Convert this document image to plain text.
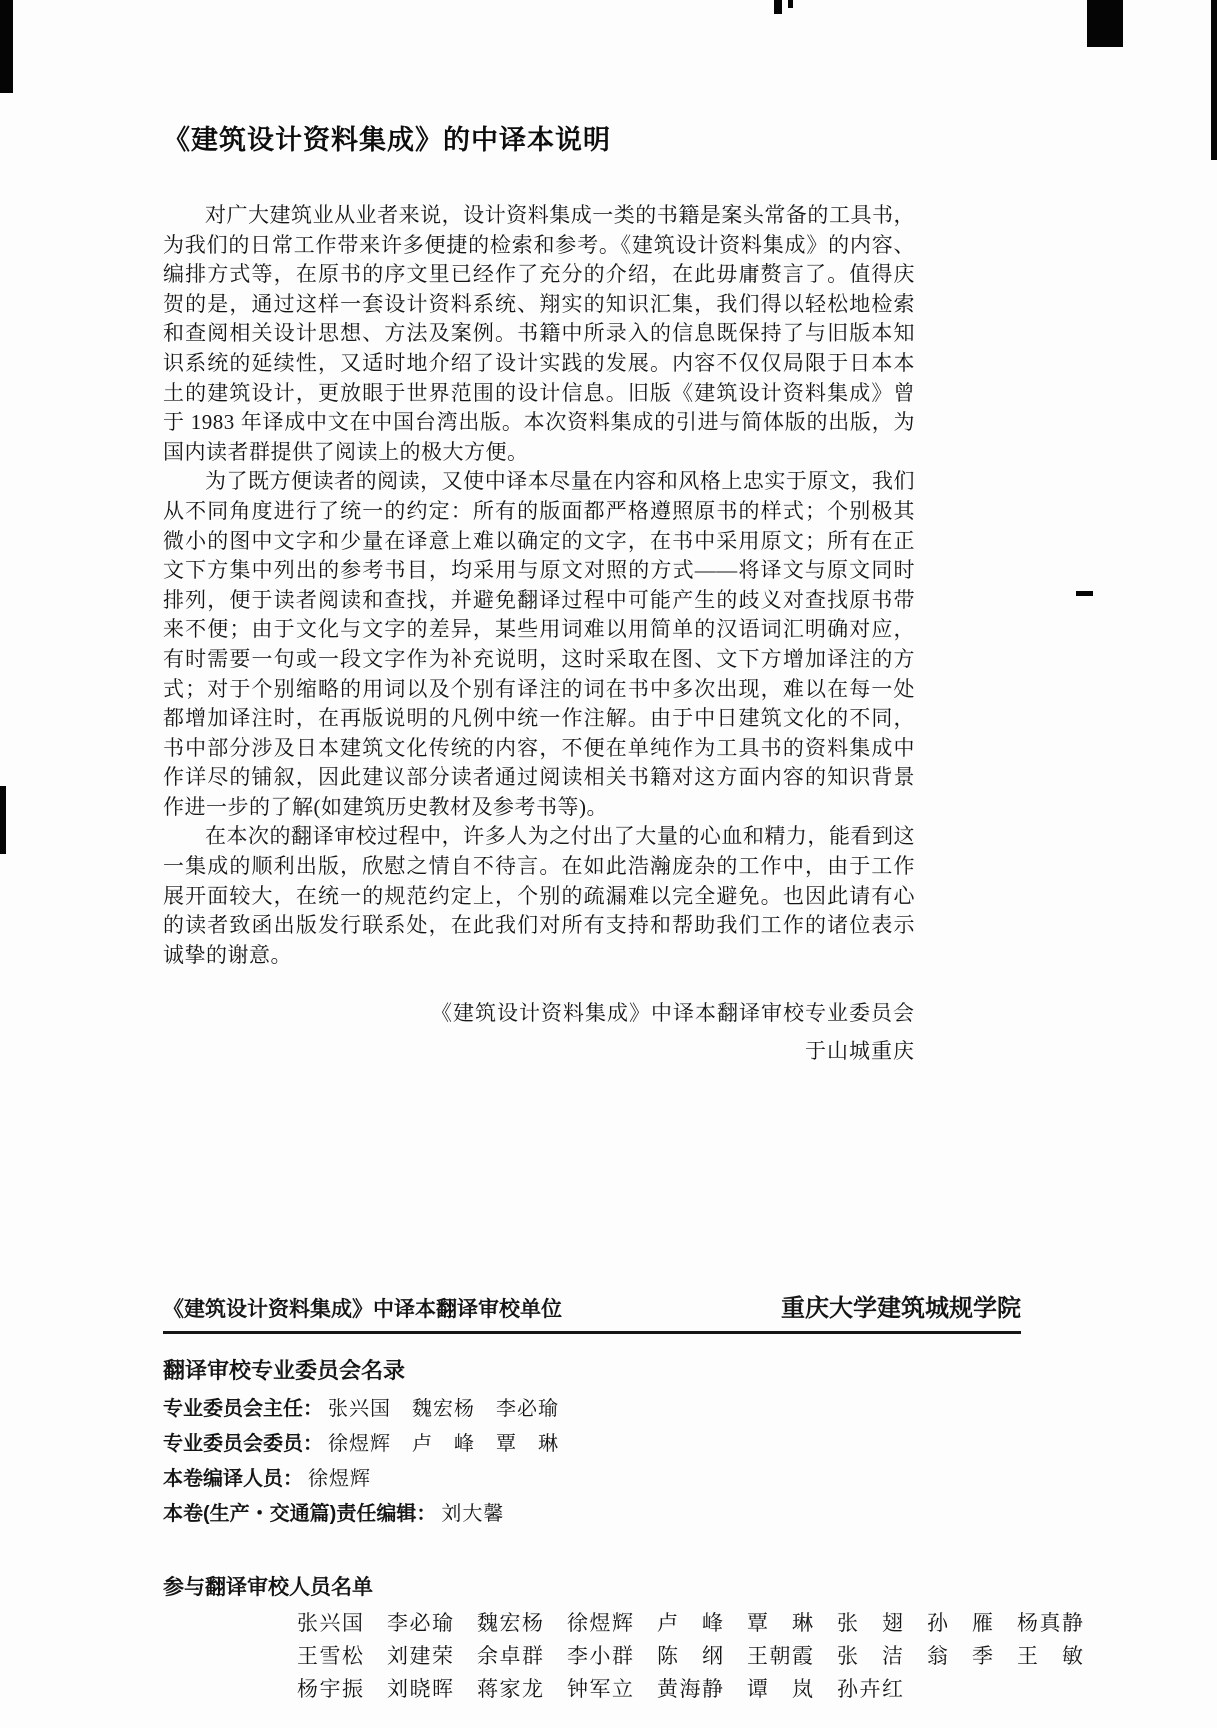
《建筑设计资料集成》的中译本说明

对广大建筑业从业者来说，设计资料集成一类的书籍是案头常备的工具书，为我们的日常工作带来许多便捷的检索和参考。《建筑设计资料集成》的内容、编排方式等，在原书的序文里已经作了充分的介绍，在此毋庸赘言了。值得庆贺的是，通过这样一套设计资料系统、翔实的知识汇集，我们得以轻松地检索和查阅相关设计思想、方法及案例。书籍中所录入的信息既保持了与旧版本知识系统的延续性，又适时地介绍了设计实践的发展。内容不仅仅局限于日本本土的建筑设计，更放眼于世界范围的设计信息。旧版《建筑设计资料集成》曾于 1983 年译成中文在中国台湾出版。本次资料集成的引进与简体版的出版，为国内读者群提供了阅读上的极大方便。

为了既方便读者的阅读，又使中译本尽量在内容和风格上忠实于原文，我们从不同角度进行了统一的约定：所有的版面都严格遵照原书的样式；个别极其微小的图中文字和少量在译意上难以确定的文字，在书中采用原文；所有在正文下方集中列出的参考书目，均采用与原文对照的方式——将译文与原文同时排列，便于读者阅读和查找，并避免翻译过程中可能产生的歧义对查找原书带来不便；由于文化与文字的差异，某些用词难以用简单的汉语词汇明确对应，有时需要一句或一段文字作为补充说明，这时采取在图、文下方增加译注的方式；对于个别缩略的用词以及个别有译注的词在书中多次出现，难以在每一处都增加译注时，在再版说明的凡例中统一作注解。由于中日建筑文化的不同，书中部分涉及日本建筑文化传统的内容，不便在单纯作为工具书的资料集成中作详尽的铺叙，因此建议部分读者通过阅读相关书籍对这方面内容的知识背景作进一步的了解(如建筑历史教材及参考书等)。

在本次的翻译审校过程中，许多人为之付出了大量的心血和精力，能看到这一集成的顺利出版，欣慰之情自不待言。在如此浩瀚庞杂的工作中，由于工作展开面较大，在统一的规范约定上，个别的疏漏难以完全避免。也因此请有心的读者致函出版发行联系处，在此我们对所有支持和帮助我们工作的诸位表示诚挚的谢意。

《建筑设计资料集成》中译本翻译审校专业委员会
于山城重庆
《建筑设计资料集成》中译本翻译审校单位	重庆大学建筑城规学院
翻译审校专业委员会名录
专业委员会主任： 张兴国　魏宏杨　李必瑜
专业委员会委员： 徐煜辉　卢　峰　覃　琳
本卷编译人员： 徐煜辉
本卷(生产・交通篇)责任编辑： 刘大馨
参与翻译审校人员名单
张兴国　李必瑜　魏宏杨　徐煜辉　卢　峰　覃　琳　张　翅　孙　雁　杨真静
王雪松　刘建荣　余卓群　李小群　陈　纲　王朝霞　张　洁　翁　季　王　敏
杨宇振　刘晓晖　蒋家龙　钟军立　黄海静　谭　岚　孙卉红
